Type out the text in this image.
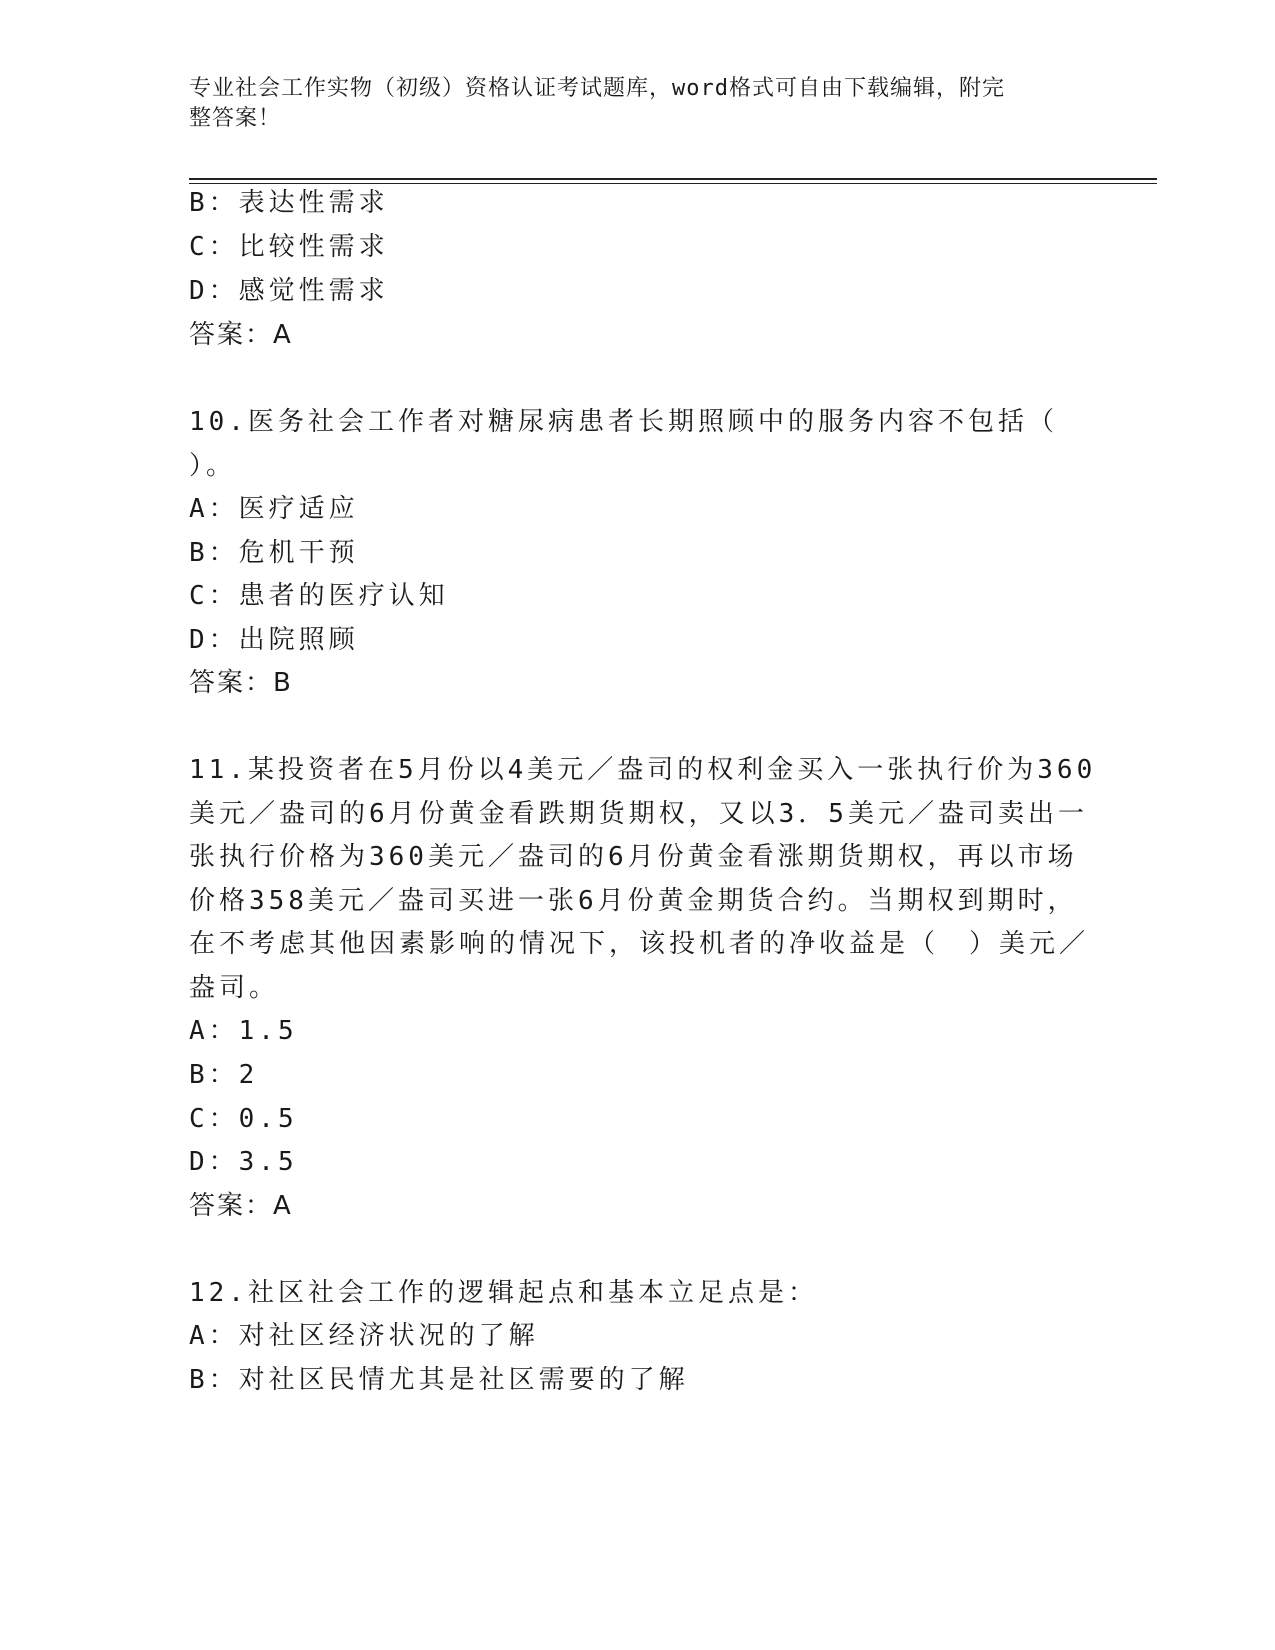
专业社会工作实物（初级）资格认证考试题库，word格式可自由下载编辑，附完
整答案！
B：表达性需求
C：比较性需求
D：感觉性需求
答案：A
10.医务社会工作者对糖尿病患者长期照顾中的服务内容不包括（
）。
A：医疗适应
B：危机干预
C：患者的医疗认知
D：出院照顾
答案：B
11.某投资者在5月份以4美元／盎司的权利金买入一张执行价为360
美元／盎司的6月份黄金看跌期货期权，又以3．5美元／盎司卖出一
张执行价格为360美元／盎司的6月份黄金看涨期货期权，再以市场
价格358美元／盎司买进一张6月份黄金期货合约。当期权到期时，
在不考虑其他因素影响的情况下，该投机者的净收益是（　）美元／
盎司。
A：1.5
B：2
C：0.5
D：3.5
答案：A
12.社区社会工作的逻辑起点和基本立足点是：
A：对社区经济状况的了解
B：对社区民情尤其是社区需要的了解
